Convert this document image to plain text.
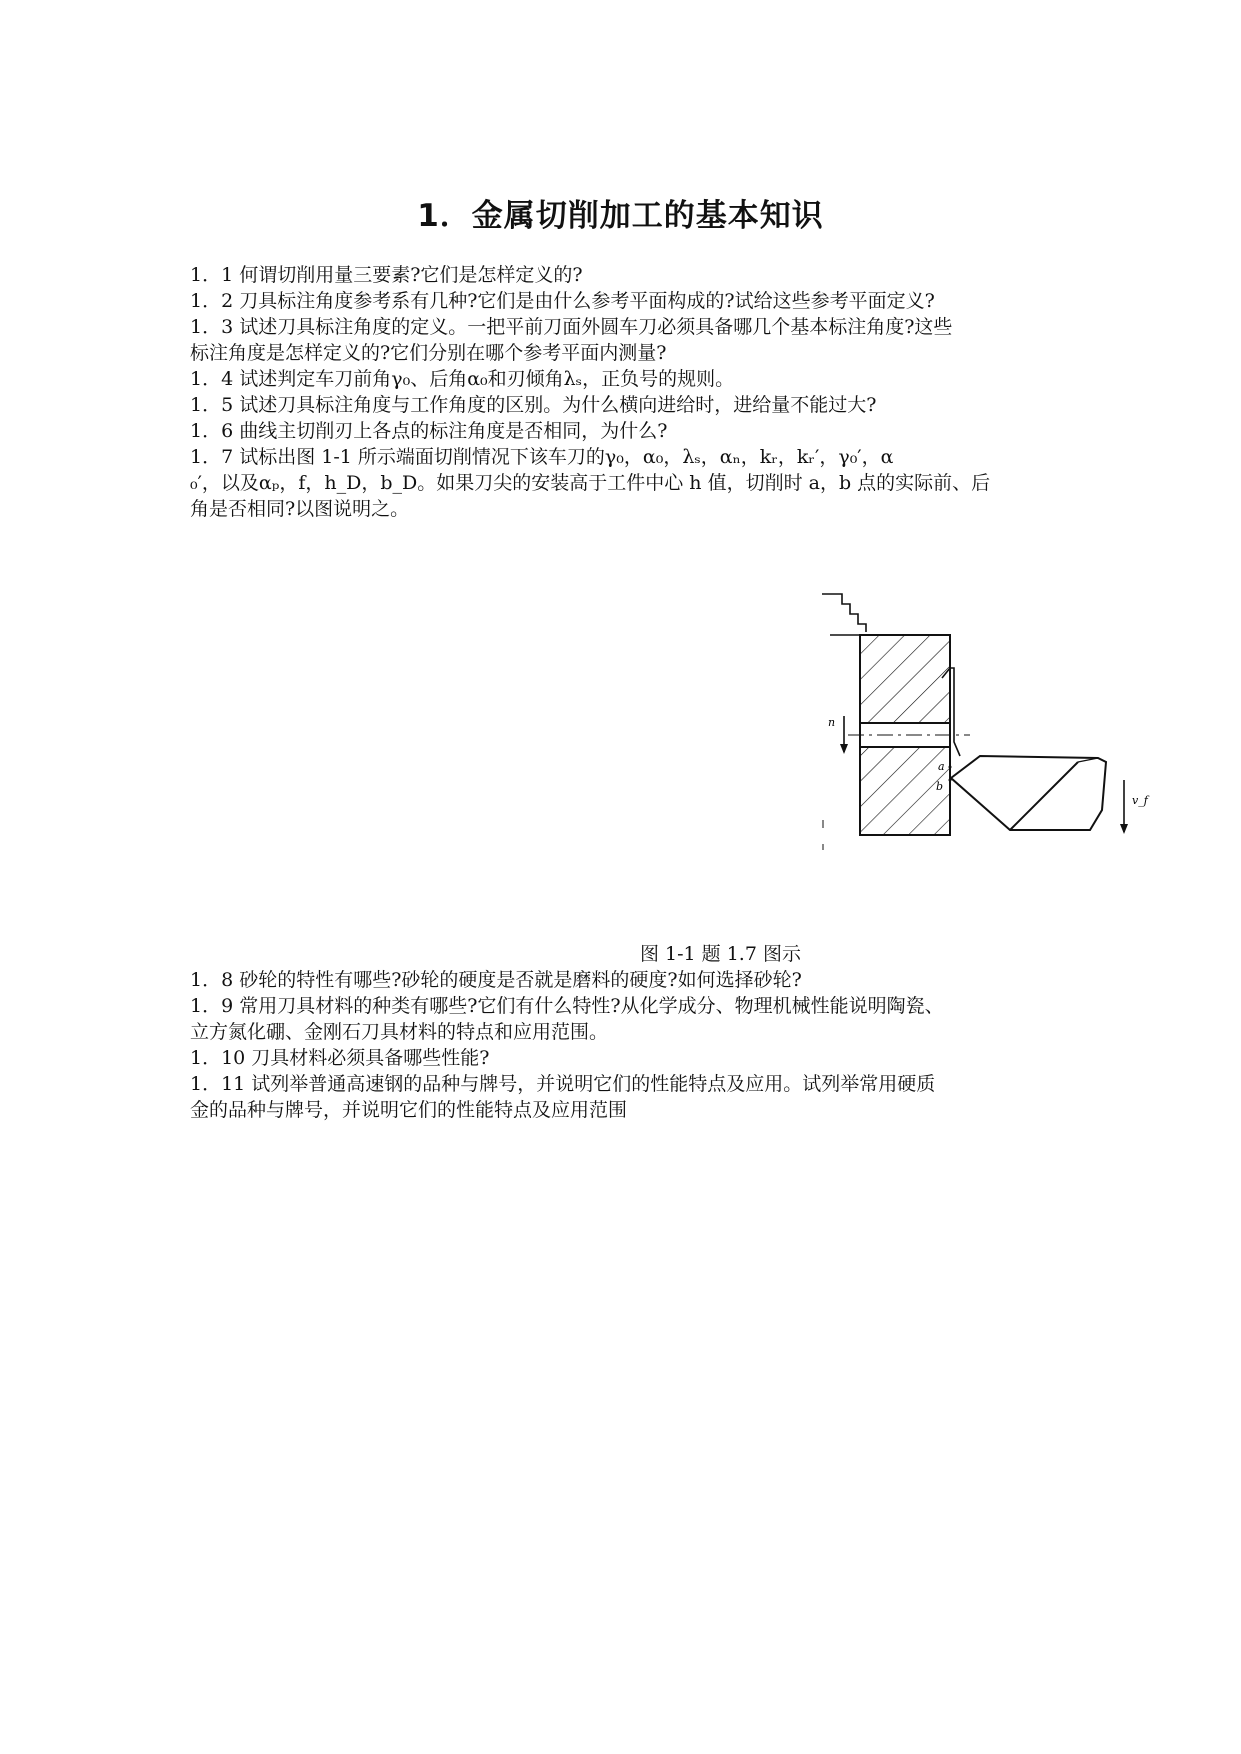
1．金属切削加工的基本知识
1．1 何谓切削用量三要素?它们是怎样定义的?
1．2 刀具标注角度参考系有几种?它们是由什么参考平面构成的?试给这些参考平面定义?
1．3 试述刀具标注角度的定义。一把平前刀面外圆车刀必须具备哪几个基本标注角度?这些
标注角度是怎样定义的?它们分别在哪个参考平面内测量?
1．4 试述判定车刀前角γ₀、后角α₀和刃倾角λₛ，正负号的规则。
1．5 试述刀具标注角度与工作角度的区别。为什么横向进给时，进给量不能过大?
1．6 曲线主切削刃上各点的标注角度是否相同，为什么?
1．7 试标出图 1-1 所示端面切削情况下该车刀的γ₀，α₀，λₛ，αₙ，kᵣ，kᵣ′，γ₀′，α
₀′，以及αₚ，f，h_D，b_D。如果刀尖的安装高于工件中心 h 值，切削时 a，b 点的实际前、后
角是否相同?以图说明之。
n
a
b
v_f
图 1-1 题 1.7 图示
1．8 砂轮的特性有哪些?砂轮的硬度是否就是磨料的硬度?如何选择砂轮?
1．9 常用刀具材料的种类有哪些?它们有什么特性?从化学成分、物理机械性能说明陶瓷、
立方氮化硼、金刚石刀具材料的特点和应用范围。
1．10 刀具材料必须具备哪些性能?
1．11 试列举普通高速钢的品种与牌号，并说明它们的性能特点及应用。试列举常用硬质
金的品种与牌号，并说明它们的性能特点及应用范围
